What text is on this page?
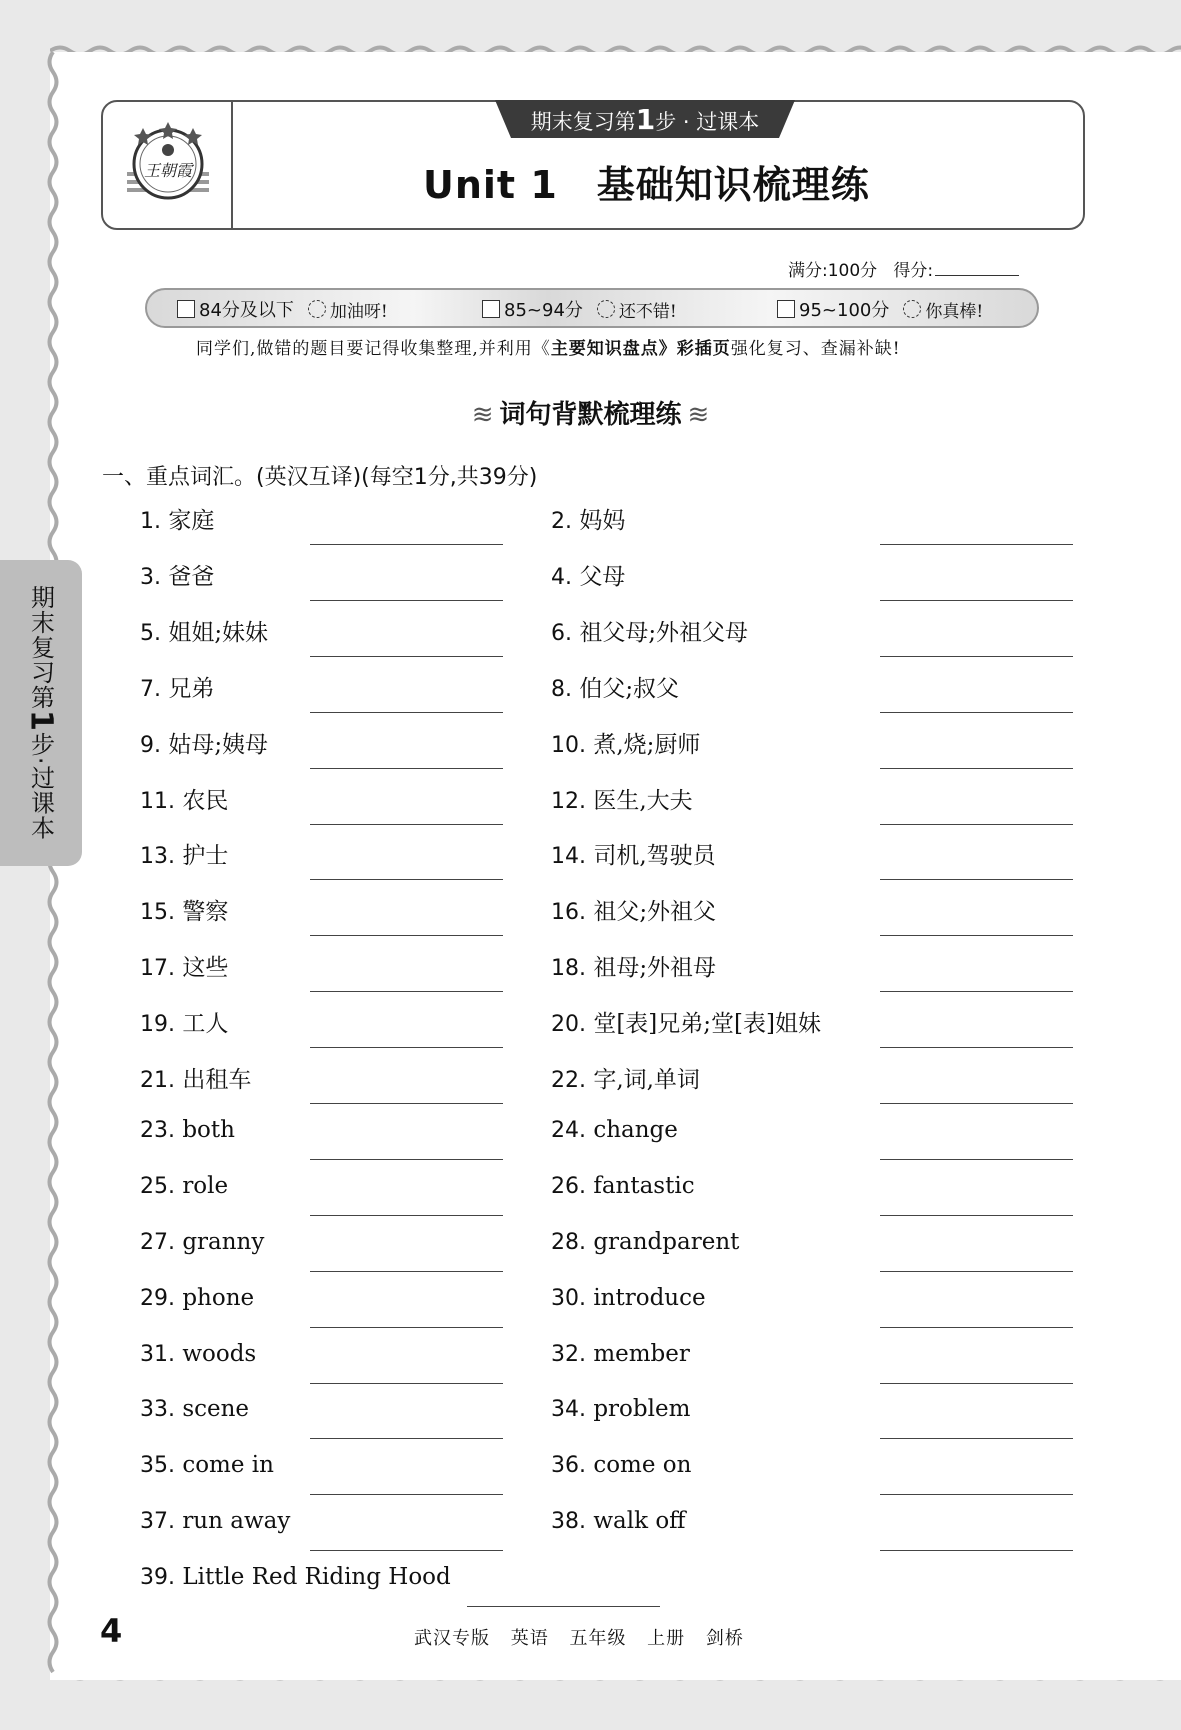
期末复习第1步·过课本
王朝霞
期末复习第1步 · 过课本
Unit 1　基础知识梳理练
满分:100分 得分:
84分及以下 加油呀!	85~94分 还不错!	95~100分 你真棒!
同学们,做错的题目要记得收集整理,并利用《主要知识盘点》彩插页强化复习、查漏补缺!
≋ 词句背默梳理练 ≋
一、重点词汇。(英汉互译)(每空1分,共39分)
1. 家庭	2. 妈妈
3. 爸爸	4. 父母
5. 姐姐;妹妹	6. 祖父母;外祖父母
7. 兄弟	8. 伯父;叔父
9. 姑母;姨母	10. 煮,烧;厨师
11. 农民	12. 医生,大夫
13. 护士	14. 司机,驾驶员
15. 警察	16. 祖父;外祖父
17. 这些	18. 祖母;外祖母
19. 工人	20. 堂[表]兄弟;堂[表]姐妹
21. 出租车	22. 字,词,单词
23. both	24. change
25. role	26. fantastic
27. granny	28. grandparent
29. phone	30. introduce
31. woods	32. member
33. scene	34. problem
35. come in	36. come on
37. run away	38. walk off
39. Little Red Riding Hood
4	武汉专版 英语 五年级 上册 剑桥
